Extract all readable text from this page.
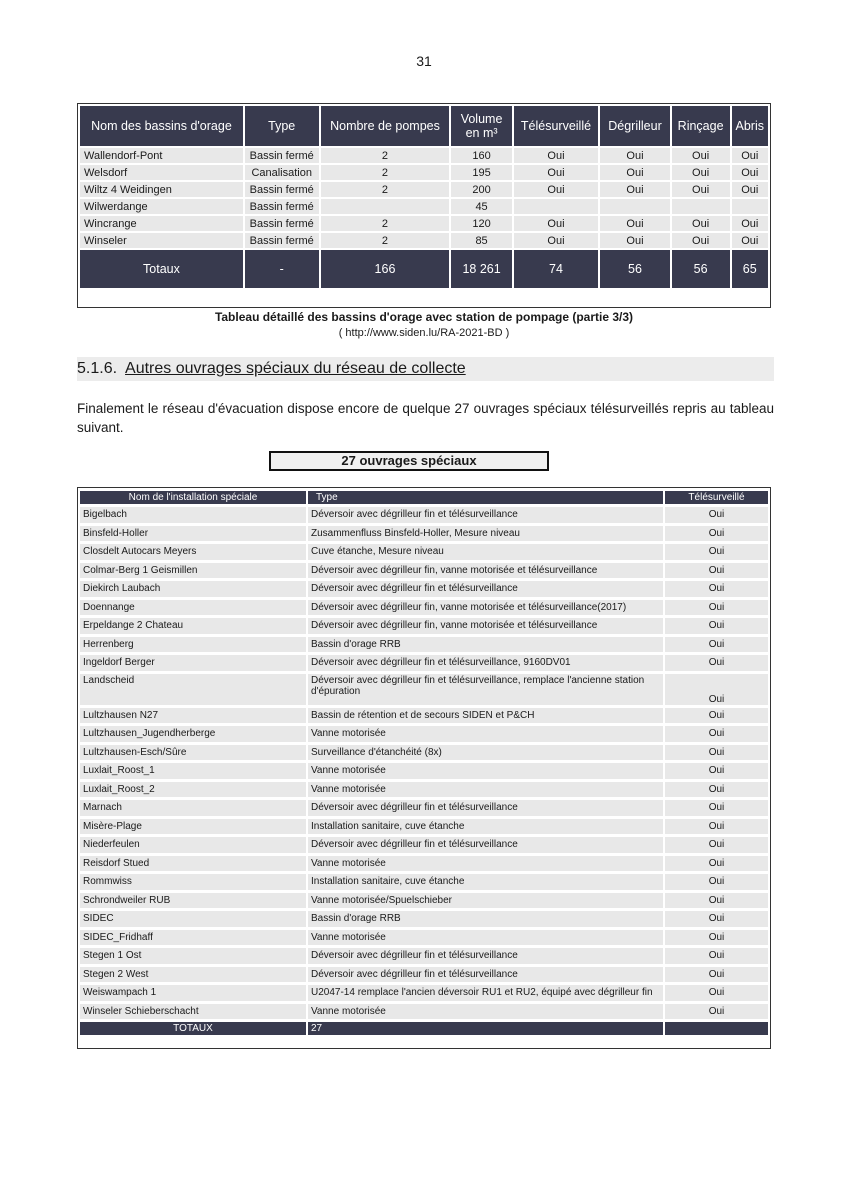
31
Nom des bassins d'orage	Type	Nombre de pompes	Volume
en m³	Télésurveillé	Dégrilleur	Rinçage	Abris
Wallendorf-Pont	Bassin fermé	2	160	Oui	Oui	Oui	Oui
Welsdorf	Canalisation	2	195	Oui	Oui	Oui	Oui
Wiltz 4 Weidingen	Bassin fermé	2	200	Oui	Oui	Oui	Oui
Wilwerdange	Bassin fermé		45				
Wincrange	Bassin fermé	2	120	Oui	Oui	Oui	Oui
Winseler	Bassin fermé	2	85	Oui	Oui	Oui	Oui
Totaux	-	166	18 261	74	56	56	65
Tableau détaillé des bassins d'orage avec station de pompage (partie 3/3)
( http://www.siden.lu/RA-2021-BD )
5.1.6. Autres ouvrages spéciaux du réseau de collecte
Finalement le réseau d'évacuation dispose encore de quelque 27 ouvrages spéciaux télésurveillés repris au tableau suivant.
27 ouvrages spéciaux
Nom de l'installation spéciale	Type	Télésurveillé
Bigelbach	Déversoir avec dégrilleur fin et télésurveillance	Oui
Binsfeld-Holler	Zusammenfluss Binsfeld-Holler, Mesure niveau	Oui
Closdelt Autocars Meyers	Cuve étanche, Mesure niveau	Oui
Colmar-Berg 1 Geismillen	Déversoir avec dégrilleur fin, vanne motorisée et télésurveillance	Oui
Diekirch Laubach	Déversoir avec dégrilleur fin et télésurveillance	Oui
Doennange	Déversoir avec dégrilleur fin, vanne motorisée et télésurveillance(2017)	Oui
Erpeldange 2 Chateau	Déversoir avec dégrilleur fin, vanne motorisée et télésurveillance	Oui
Herrenberg	Bassin d'orage RRB	Oui
Ingeldorf Berger	Déversoir avec dégrilleur fin et télésurveillance, 9160DV01	Oui
Landscheid	Déversoir avec dégrilleur fin et télésurveillance, remplace l'ancienne station d'épuration	Oui
Lultzhausen N27	Bassin de rétention et de secours SIDEN et P&CH	Oui
Lultzhausen_Jugendherberge	Vanne motorisée	Oui
Lultzhausen-Esch/Sûre	Surveillance d'étanchéité (8x)	Oui
Luxlait_Roost_1	Vanne motorisée	Oui
Luxlait_Roost_2	Vanne motorisée	Oui
Marnach	Déversoir avec dégrilleur fin et télésurveillance	Oui
Misère-Plage	Installation sanitaire, cuve étanche	Oui
Niederfeulen	Déversoir avec dégrilleur fin et télésurveillance	Oui
Reisdorf Stued	Vanne motorisée	Oui
Rommwiss	Installation sanitaire, cuve étanche	Oui
Schrondweiler RUB	Vanne motorisée/Spuelschieber	Oui
SIDEC	Bassin d'orage RRB	Oui
SIDEC_Fridhaff	Vanne motorisée	Oui
Stegen 1 Ost	Déversoir avec dégrilleur fin et télésurveillance	Oui
Stegen 2 West	Déversoir avec dégrilleur fin et télésurveillance	Oui
Weiswampach 1	U2047-14 remplace l'ancien déversoir RU1 et RU2, équipé avec dégrilleur fin	Oui
Winseler Schieberschacht	Vanne motorisée	Oui
TOTAUX	27	
